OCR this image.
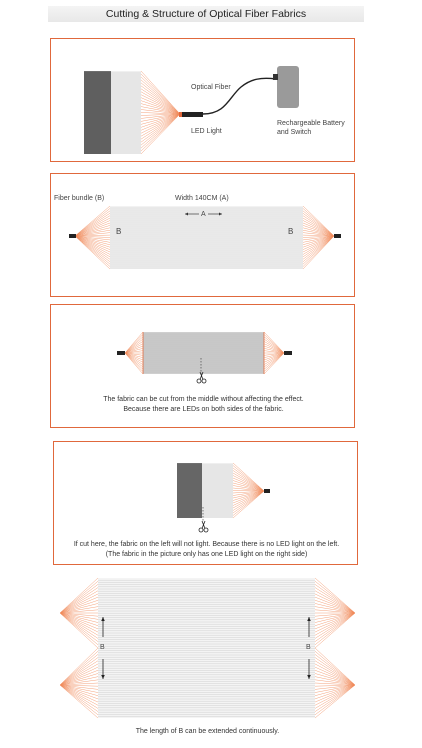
Cutting & Structure of Optical Fiber Fabrics
Optical Fiber
LED Light
Rechargeable Battery
and Switch
Fiber bundle (B)	Width 140CM (A)
A
B	B
The fabric can be cut from the middle without affecting the effect.
Because there are LEDs on both sides of the fabric.
If cut here, the fabric on the left will not light. Because there is no LED light on the left.
(The fabric in the picture only has one LED light on the right side)
B	B
The length of B can be extended continuously.
